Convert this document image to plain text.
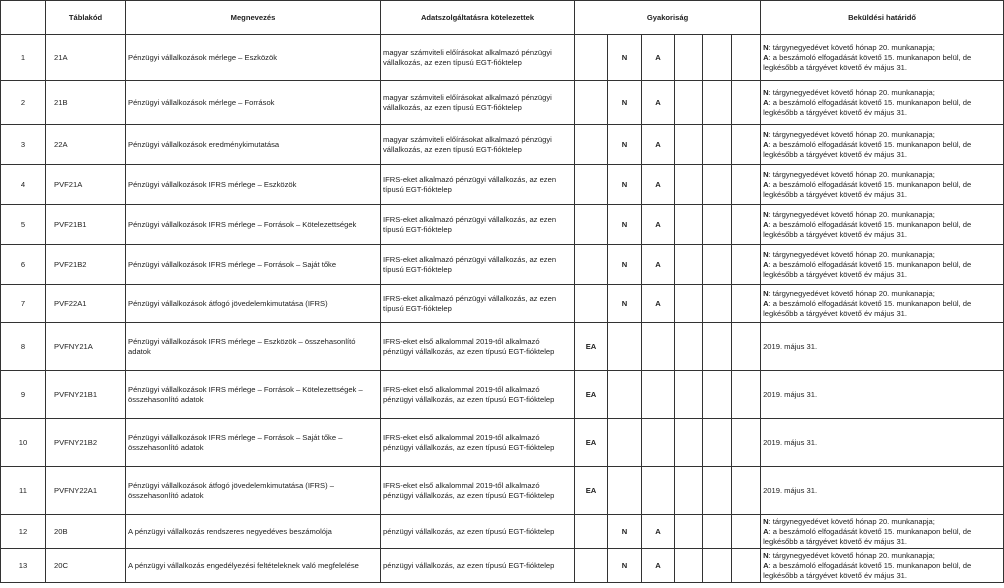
	Táblakód	Megnevezés	Adatszolgáltatásra kötelezettek	Gyakoriság						Beküldési határidő
1	21A	Pénzügyi vállalkozások mérlege – Eszközök	magyar számviteli előírásokat alkalmazó pénzügyi vállalkozás, az ezen típusú EGT-fióktelep		N	A				N: tárgynegyedévet követő hónap 20. munkanapja;
A: a beszámoló elfogadását követő 15. munkanapon belül, de legkésőbb a tárgyévet követő év május 31.
2	21B	Pénzügyi vállalkozások mérlege – Források	magyar számviteli előírásokat alkalmazó pénzügyi vállalkozás, az ezen típusú EGT-fióktelep		N	A				N: tárgynegyedévet követő hónap 20. munkanapja;
A: a beszámoló elfogadását követő 15. munkanapon belül, de legkésőbb a tárgyévet követő év május 31.
3	22A	Pénzügyi vállalkozások eredménykimutatása	magyar számviteli előírásokat alkalmazó pénzügyi vállalkozás, az ezen típusú EGT-fióktelep		N	A				N: tárgynegyedévet követő hónap 20. munkanapja;
A: a beszámoló elfogadását követő 15. munkanapon belül, de legkésőbb a tárgyévet követő év május 31.
4	PVF21A	Pénzügyi vállalkozások IFRS mérlege – Eszközök	IFRS-eket alkalmazó pénzügyi vállalkozás, az ezen típusú EGT-fióktelep		N	A				N: tárgynegyedévet követő hónap 20. munkanapja;
A: a beszámoló elfogadását követő 15. munkanapon belül, de legkésőbb a tárgyévet követő év május 31.
5	PVF21B1	Pénzügyi vállalkozások IFRS mérlege – Források – Kötelezettségek	IFRS-eket alkalmazó pénzügyi vállalkozás, az ezen típusú EGT-fióktelep		N	A				N: tárgynegyedévet követő hónap 20. munkanapja;
A: a beszámoló elfogadását követő 15. munkanapon belül, de legkésőbb a tárgyévet követő év május 31.
6	PVF21B2	Pénzügyi vállalkozások IFRS mérlege – Források – Saját tőke	IFRS-eket alkalmazó pénzügyi vállalkozás, az ezen típusú EGT-fióktelep		N	A				N: tárgynegyedévet követő hónap 20. munkanapja;
A: a beszámoló elfogadását követő 15. munkanapon belül, de legkésőbb a tárgyévet követő év május 31.
7	PVF22A1	Pénzügyi vállalkozások átfogó jövedelemkimutatása (IFRS)	IFRS-eket alkalmazó pénzügyi vállalkozás, az ezen típusú EGT-fióktelep		N	A				N: tárgynegyedévet követő hónap 20. munkanapja;
A: a beszámoló elfogadását követő 15. munkanapon belül, de legkésőbb a tárgyévet követő év május 31.
8	PVFNY21A	Pénzügyi vállalkozások IFRS mérlege – Eszközök – összehasonlító adatok	IFRS-eket első alkalommal 2019-től alkalmazó pénzügyi vállalkozás, az ezen típusú EGT-fióktelep	EA						2019. május 31.
9	PVFNY21B1	Pénzügyi vállalkozások IFRS mérlege – Források – Kötelezettségek – összehasonlító adatok	IFRS-eket első alkalommal 2019-től alkalmazó pénzügyi vállalkozás, az ezen típusú EGT-fióktelep	EA						2019. május 31.
10	PVFNY21B2	Pénzügyi vállalkozások IFRS mérlege – Források – Saját tőke – összehasonlító adatok	IFRS-eket első alkalommal 2019-től alkalmazó pénzügyi vállalkozás, az ezen típusú EGT-fióktelep	EA						2019. május 31.
11	PVFNY22A1	Pénzügyi vállalkozások átfogó jövedelemkimutatása (IFRS) – összehasonlító adatok	IFRS-eket első alkalommal 2019-től alkalmazó pénzügyi vállalkozás, az ezen típusú EGT-fióktelep	EA						2019. május 31.
12	20B	A pénzügyi vállalkozás rendszeres negyedéves beszámolója	pénzügyi vállalkozás, az ezen típusú EGT-fióktelep		N	A				N: tárgynegyedévet követő hónap 20. munkanapja;
A: a beszámoló elfogadását követő 15. munkanapon belül, de legkésőbb a tárgyévet követő év május 31.
13	20C	A pénzügyi vállalkozás engedélyezési feltételeknek való megfelelése	pénzügyi vállalkozás, az ezen típusú EGT-fióktelep		N	A				N: tárgynegyedévet követő hónap 20. munkanapja;
A: a beszámoló elfogadását követő 15. munkanapon belül, de legkésőbb a tárgyévet követő év május 31.
